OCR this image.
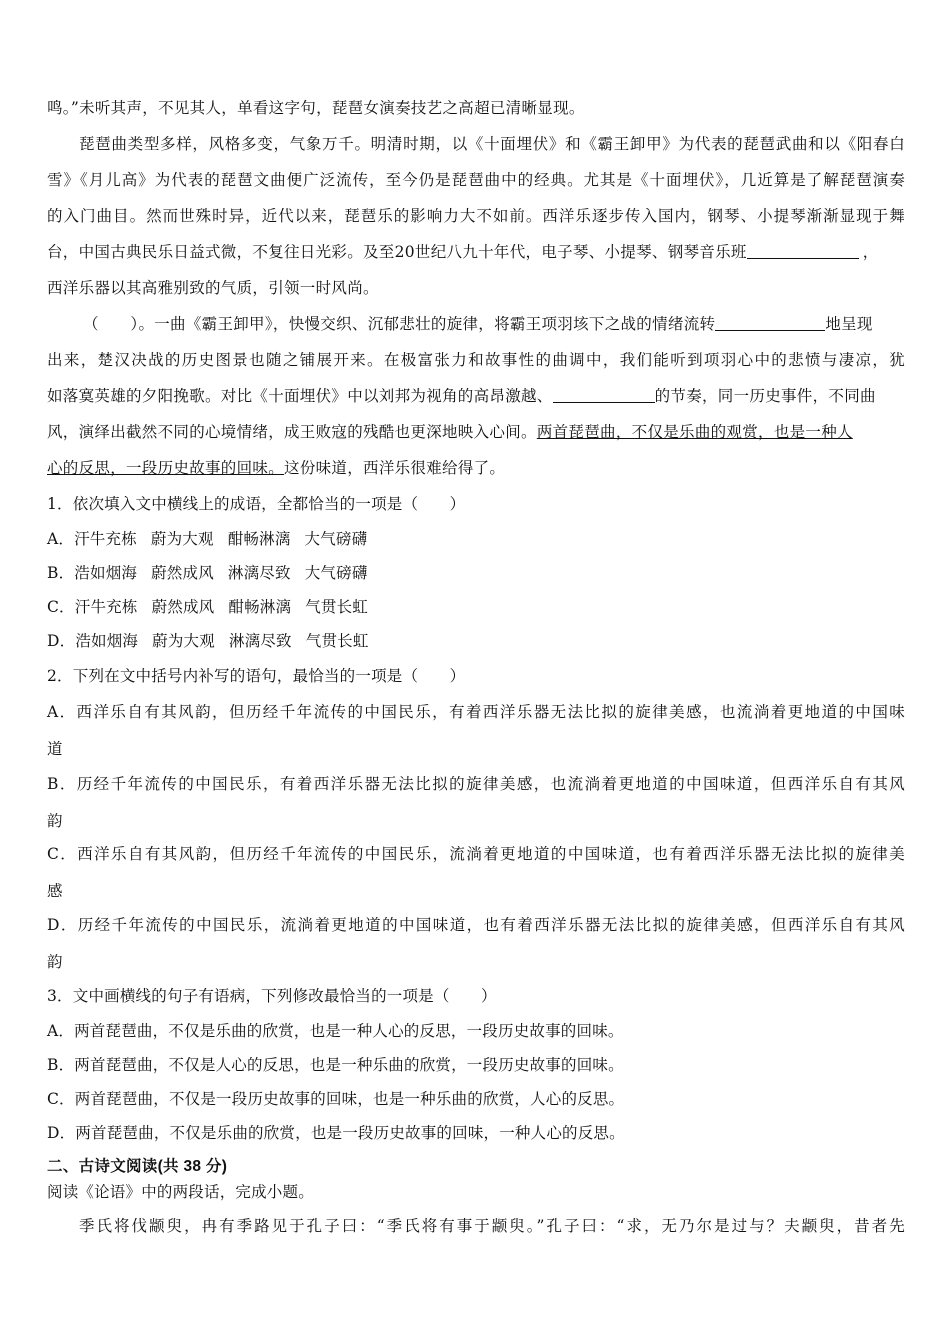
鸣。”未听其声，不见其人，单看这字句，琵琶女演奏技艺之高超已清晰显现。
琵琶曲类型多样，风格多变，气象万千。明清时期，以《十面埋伏》和《霸王卸甲》为代表的琵琶武曲和以《阳春白
雪》《月儿高》为代表的琵琶文曲便广泛流传，至今仍是琵琶曲中的经典。尤其是《十面埋伏》，几近算是了解琵琶演奏
的入门曲目。然而世殊时异，近代以来，琵琶乐的影响力大不如前。西洋乐逐步传入国内，钢琴、小提琴渐渐显现于舞
台，中国古典民乐日益式微，不复往日光彩。及至20世纪八九十年代，电子琴、小提琴、钢琴音乐班	，
西洋乐器以其高雅别致的气质，引领一时风尚。
（　　）。一曲《霸王卸甲》，快慢交织、沉郁悲壮的旋律，将霸王项羽垓下之战的情绪流转	地呈现
出来，楚汉决战的历史图景也随之铺展开来。在极富张力和故事性的曲调中，我们能听到项羽心中的悲愤与凄凉，犹
如落寞英雄的夕阳挽歌。对比《十面埋伏》中以刘邦为视角的高昂激越、	的节奏，同一历史事件，不同曲
风，演绎出截然不同的心境情绪，成王败寇的残酷也更深地映入心间。两首琵琶曲，不仅是乐曲的观赏，也是一种人
心的反思，一段历史故事的回味。这份味道，西洋乐很难给得了。
1．依次填入文中横线上的成语，全都恰当的一项是（　　）
A．汗牛充栋 蔚为大观 酣畅淋漓 大气磅礴
B．浩如烟海 蔚然成风 淋漓尽致 大气磅礴
C．汗牛充栋 蔚然成风 酣畅淋漓 气贯长虹
D．浩如烟海 蔚为大观 淋漓尽致 气贯长虹
2．下列在文中括号内补写的语句，最恰当的一项是（　　）
A．西洋乐自有其风韵，但历经千年流传的中国民乐，有着西洋乐器无法比拟的旋律美感，也流淌着更地道的中国味
道
B．历经千年流传的中国民乐，有着西洋乐器无法比拟的旋律美感，也流淌着更地道的中国味道，但西洋乐自有其风
韵
C．西洋乐自有其风韵，但历经千年流传的中国民乐，流淌着更地道的中国味道，也有着西洋乐器无法比拟的旋律美
感
D．历经千年流传的中国民乐，流淌着更地道的中国味道，也有着西洋乐器无法比拟的旋律美感，但西洋乐自有其风
韵
3．文中画横线的句子有语病，下列修改最恰当的一项是（　　）
A．两首琵琶曲，不仅是乐曲的欣赏，也是一种人心的反思，一段历史故事的回味。
B．两首琵琶曲，不仅是人心的反思，也是一种乐曲的欣赏，一段历史故事的回味。
C．两首琵琶曲，不仅是一段历史故事的回味，也是一种乐曲的欣赏，人心的反思。
D．两首琵琶曲，不仅是乐曲的欣赏，也是一段历史故事的回味，一种人心的反思。
二、古诗文阅读(共 38 分)
阅读《论语》中的两段话，完成小题。
季氏将伐颛臾，冉有季路见于孔子曰：“季氏将有事于颛臾。”孔子曰：“求，无乃尔是过与？夫颛臾，昔者先
